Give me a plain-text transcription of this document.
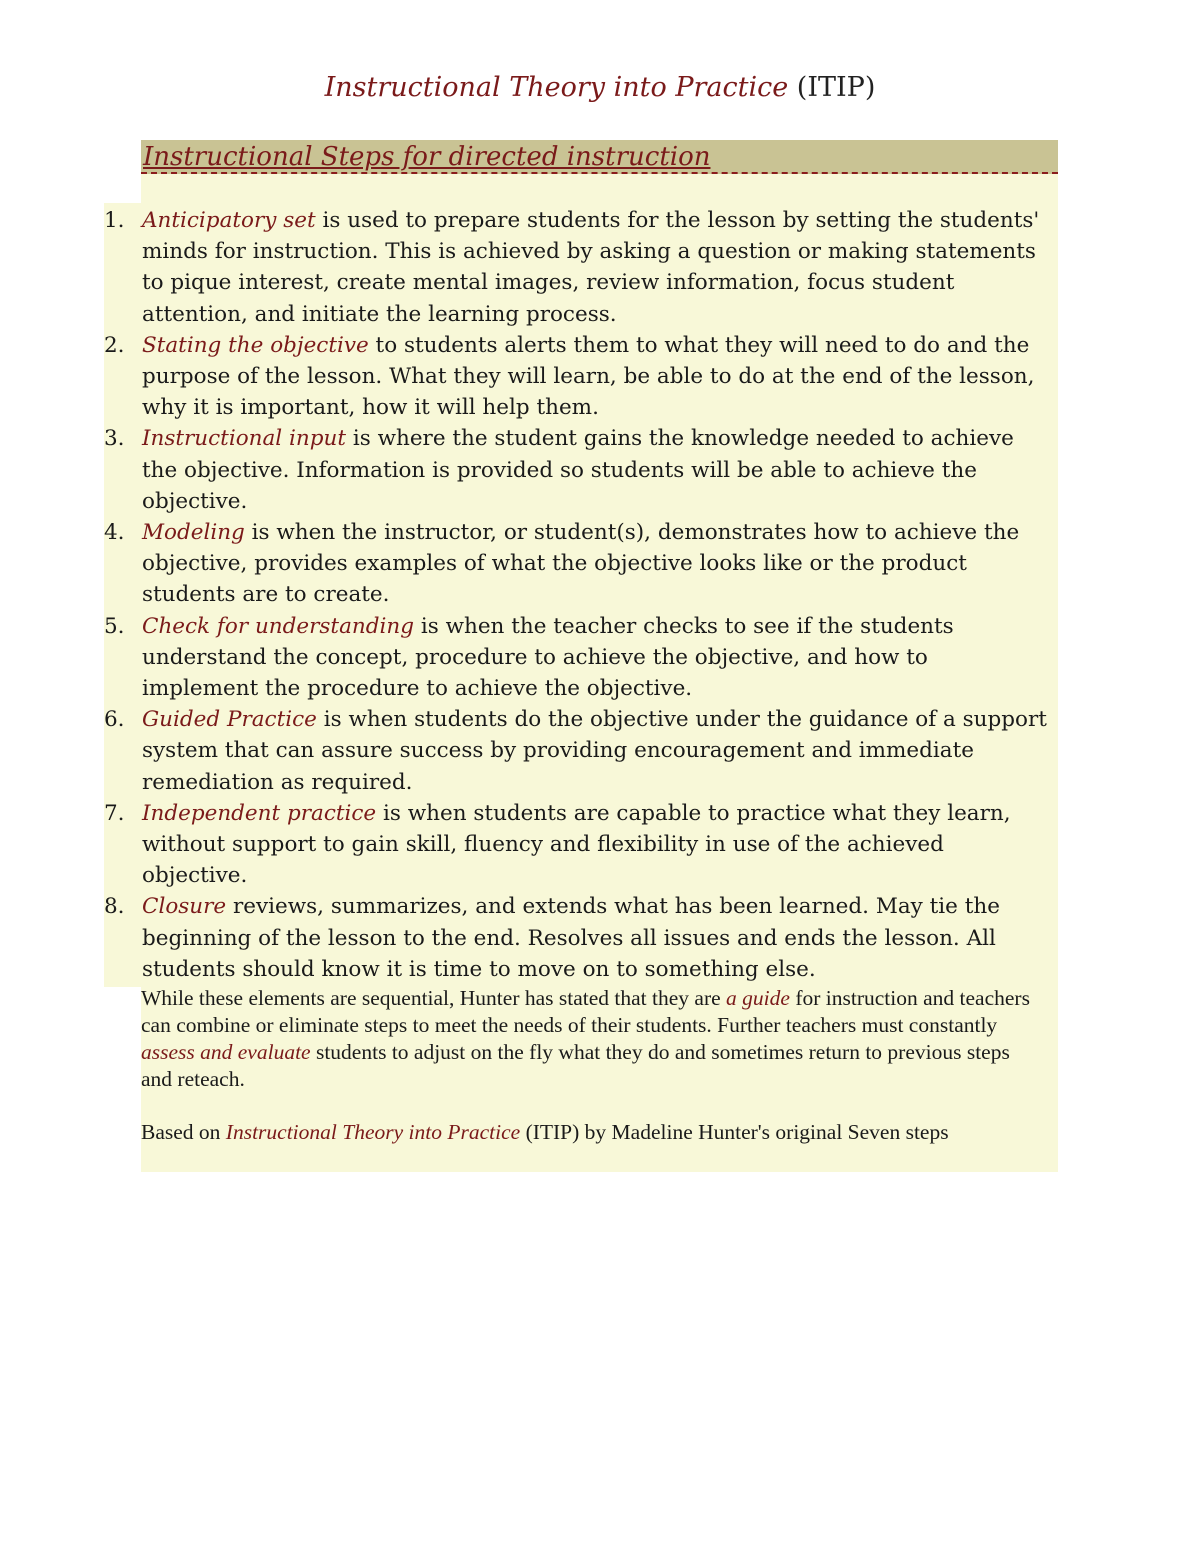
Instructional Theory into Practice (ITIP)
Instructional Steps for directed instruction
1. Anticipatory set is used to prepare students for the lesson by setting the students' minds for instruction. This is achieved by asking a question or making statements to pique interest, create mental images, review information, focus student attention, and initiate the learning process.
2. Stating the objective to students alerts them to what they will need to do and the purpose of the lesson. What they will learn, be able to do at the end of the lesson, why it is important, how it will help them.
3. Instructional input is where the student gains the knowledge needed to achieve the objective. Information is provided so students will be able to achieve the objective.
4. Modeling is when the instructor, or student(s), demonstrates how to achieve the objective, provides examples of what the objective looks like or the product students are to create.
5. Check for understanding is when the teacher checks to see if the students understand the concept, procedure to achieve the objective, and how to implement the procedure to achieve the objective.
6. Guided Practice is when students do the objective under the guidance of a support system that can assure success by providing encouragement and immediate remediation as required.
7. Independent practice is when students are capable to practice what they learn, without support to gain skill, fluency and flexibility in use of the achieved objective.
8. Closure reviews, summarizes, and extends what has been learned. May tie the beginning of the lesson to the end. Resolves all issues and ends the lesson. All students should know it is time to move on to something else.
While these elements are sequential, Hunter has stated that they are a guide for instruction and teachers can combine or eliminate steps to meet the needs of their students. Further teachers must constantly assess and evaluate students to adjust on the fly what they do and sometimes return to previous steps and reteach.
Based on Instructional Theory into Practice (ITIP) by Madeline Hunter's original Seven steps
